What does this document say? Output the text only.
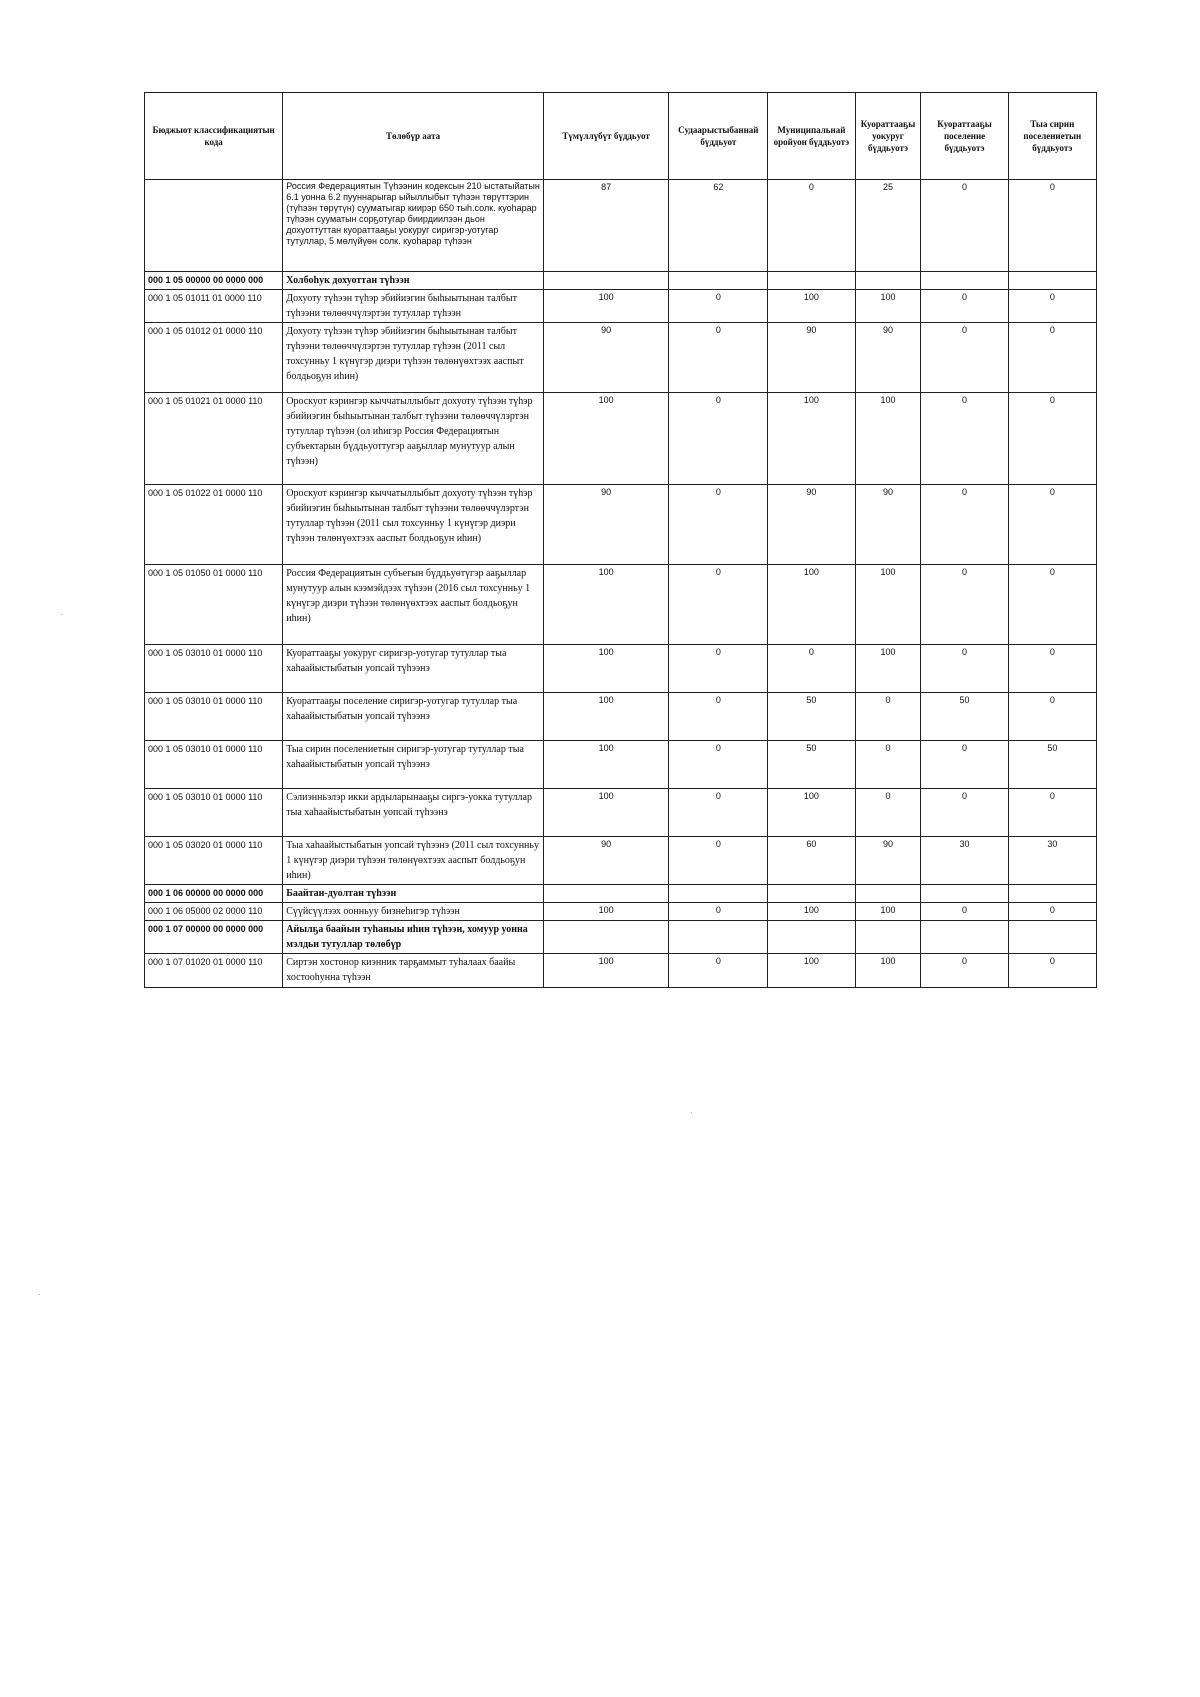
Бюджыот классификациятын кода	Төлөбүр аата	Түмүллүбүт бүддьуот	Судаарыстыбаннай бүддьуот	Муниципальнай оройуон бүддьуотэ	Куораттааҕы уокуруг бүддьуотэ	Куораттааҕы поселение бүддьуотэ	Тыа сирин поселениетын бүддьуотэ
	Россия Федерациятын Түһээнин кодексын 210 ыстатыйатын 6.1 уонна 6.2 пууннарыгар ыйыллыбыт түһээн төрүттэрин (түһээн төрүтүн) сууматыгар киирэр 650 тыһ.солк. куоһарар түһээн сууматын сорҕотугар биирдиилээн дьон дохуоттуттан куораттааҕы уокуруг сиригэр-уотугар тутуллар, 5 мөлүйүөн солк. куоһарар түһээн	87	62	0	25	0	0
000 1 05 00000 00 0000 000	Холбоһук дохуоттан түһээн						
000 1 05 01011 01 0000 110	Дохуоту түһээн түһэр эбийиэгин быһыытынан талбыт түһээни төлөөччүлэртэн тутуллар түһээн	100	0	100	100	0	0
000 1 05 01012 01 0000 110	Дохуоту түһээн түһэр эбийиэгин быһыытынан талбыт түһээни төлөөччүлэртэн тутуллар түһээн (2011 сыл тохсунньу 1 күнүгэр диэри түһээн төлөнүөхтээх ааспыт болдьоҕун иһин)	90	0	90	90	0	0
000 1 05 01021 01 0000 110	Ороскуот кэрингэр кыччатыллыбыт дохуоту түһээн түһэр эбийиэгин быһыытынан талбыт түһээни төлөөччүлэртэн тутуллар түһээн (ол иһигэр Россия Федерациятын субъектарын бүддьуоттугэр ааҕыллар мунутуур алын түһээн)	100	0	100	100	0	0
000 1 05 01022 01 0000 110	Ороскуот кэрингэр кыччатыллыбыт дохуоту түһээн түһэр эбийиэгин быһыытынан талбыт түһээни төлөөччүлэртэн тутуллар түһээн (2011 сыл тохсунньу 1 күнүгэр диэри түһээн төлөнүөхтээх ааспыт болдьоҕун иһин)	90	0	90	90	0	0
000 1 05 01050 01 0000 110	Россия Федерациятын субъегын бүддьуөтүгэр ааҕыллар мунутуур алын кээмэйдээх түһээн (2016 сыл тохсунньу 1 күнүгэр диэри түһээн төлөнүөхтээх ааспыт болдьоҕун иһин)	100	0	100	100	0	0
000 1 05 03010 01 0000 110	Куораттааҕы уокуруг сиригэр-уотугар тутуллар тыа хаһаайыстыбатын уопсай түһээнэ	100	0	0	100	0	0
000 1 05 03010 01 0000 110	Куораттааҕы поселение сиригэр-уотугар тутуллар тыа хаһаайыстыбатын уопсай түһээнэ	100	0	50	0	50	0
000 1 05 03010 01 0000 110	Тыа сирин поселениетын сиригэр-уотугар тутуллар тыа хаһаайыстыбатын уопсай түһээнэ	100	0	50	0	0	50
000 1 05 03010 01 0000 110	Сэлиэнньэлэр икки ардыларынааҕы сиргэ-уокка тутуллар тыа хаһаайыстыбатын уопсай түһээнэ	100	0	100	0	0	0
000 1 05 03020 01 0000 110	Тыа хаһаайыстыбатын уопсай түһээнэ (2011 сыл тохсунньу 1 күнүгэр диэри түһээн төлөнүөхтээх ааспыт болдьоҕун иһин)	90	0	60	90	30	30
000 1 06 00000 00 0000 000	Баайтан-дуолтан түһээн						
000 1 06 05000 02 0000 110	Сүүйсүүлээх оонньуу бизнеһигэр түһээн	100	0	100	100	0	0
000 1 07 00000 00 0000 000	Айылҕа баайын туһаныы иһин түһээн, хомуур уонна мэлдьи тутуллар төлөбүр						
000 1 07 01020 01 0000 110	Сиртэн хостонор киэнник тарҕаммыт туһалаах баайы хостооһунна түһээн	100	0	100	100	0	0
·
·
·
